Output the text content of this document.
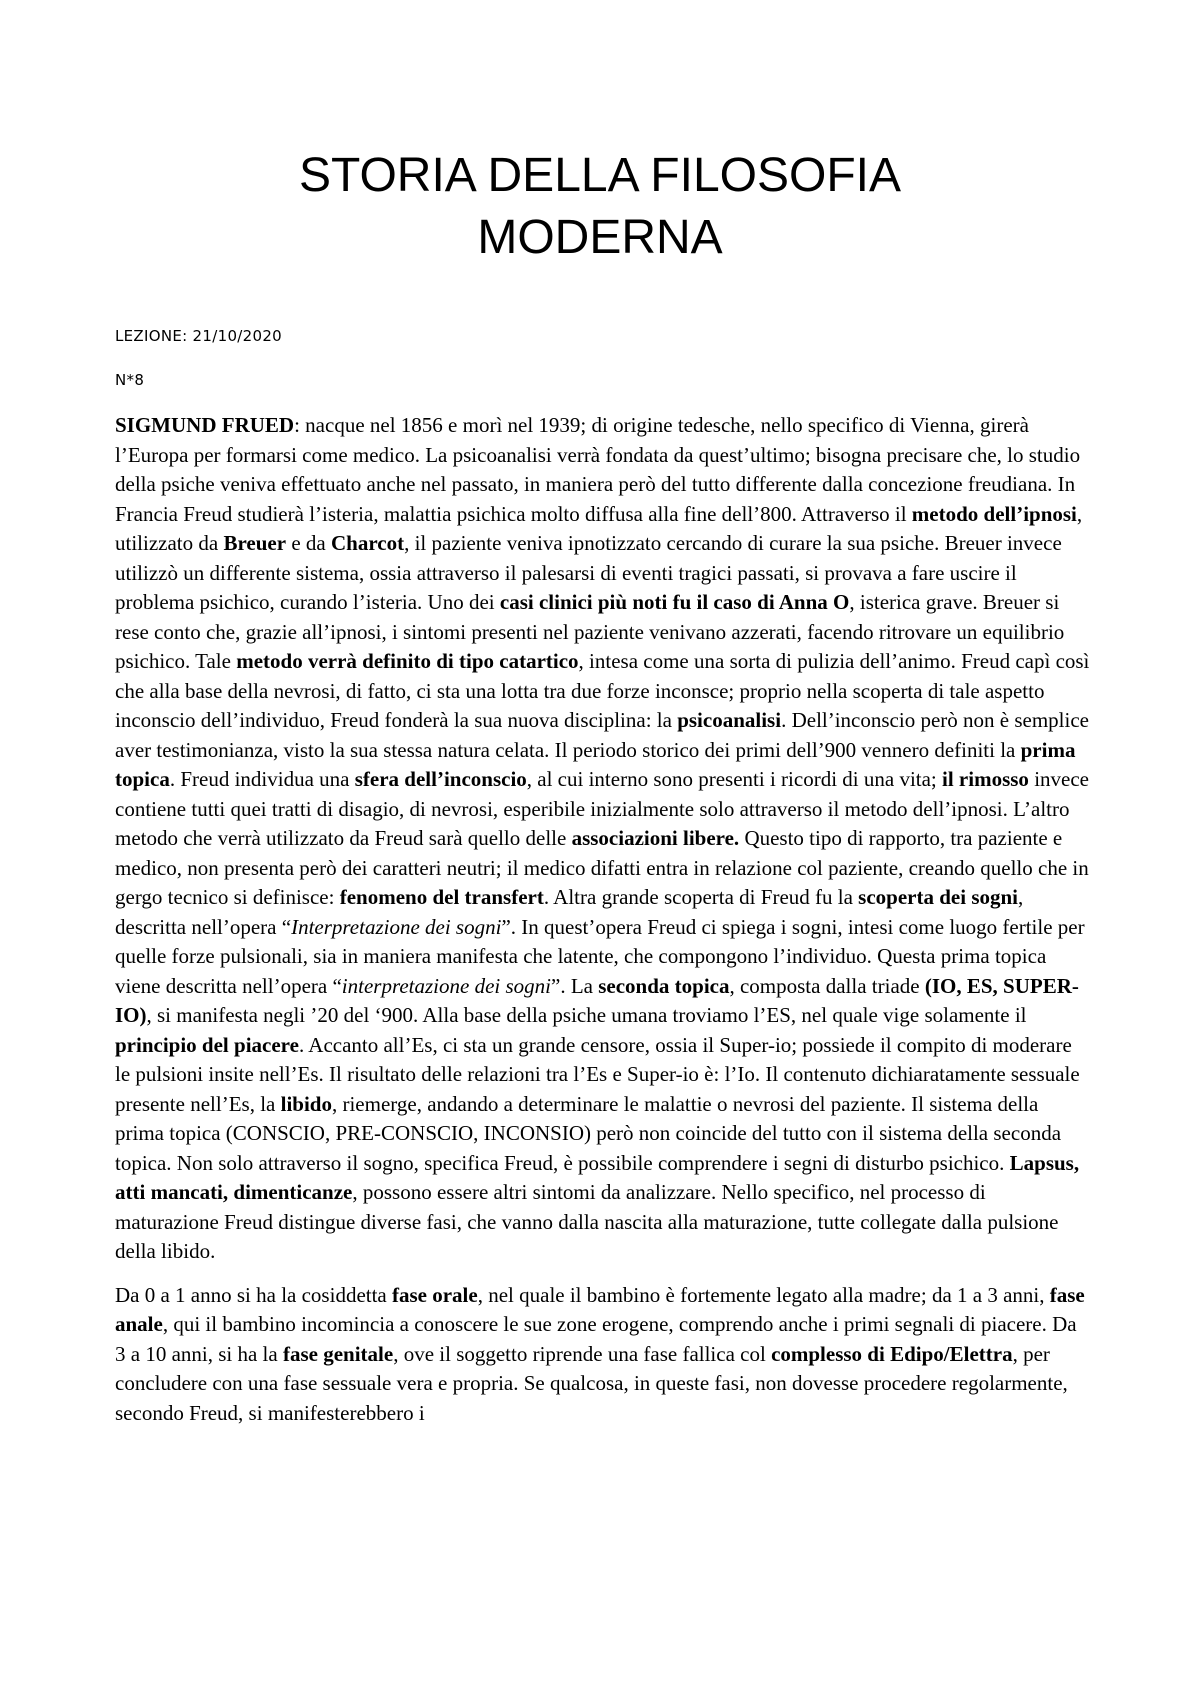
STORIA DELLA FILOSOFIA
MODERNA
LEZIONE: 21/10/2020
N*8

SIGMUND FRUED: nacque nel 1856 e morì nel 1939; di origine tedesche, nello specifico di Vienna, girerà l’Europa per formarsi come medico. La psicoanalisi verrà fondata da quest’ultimo; bisogna precisare che, lo studio della psiche veniva effettuato anche nel passato, in maniera però del tutto differente dalla concezione freudiana. In Francia Freud studierà l’isteria, malattia psichica molto diffusa alla fine dell’800. Attraverso il metodo dell’ipnosi, utilizzato da Breuer e da Charcot, il paziente veniva ipnotizzato cercando di curare la sua psiche. Breuer invece utilizzò un differente sistema, ossia attraverso il palesarsi di eventi tragici passati, si provava a fare uscire il problema psichico, curando l’isteria. Uno dei casi clinici più noti fu il caso di Anna O, isterica grave. Breuer si rese conto che, grazie all’ipnosi, i sintomi presenti nel paziente venivano azzerati, facendo ritrovare un equilibrio psichico. Tale metodo verrà definito di tipo catartico, intesa come una sorta di pulizia dell’animo. Freud capì così che alla base della nevrosi, di fatto, ci sta una lotta tra due forze inconsce; proprio nella scoperta di tale aspetto inconscio dell’individuo, Freud fonderà la sua nuova disciplina: la psicoanalisi. Dell’inconscio però non è semplice aver testimonianza, visto la sua stessa natura celata. Il periodo storico dei primi dell’900 vennero definiti la prima topica. Freud individua una sfera dell’inconscio, al cui interno sono presenti i ricordi di una vita; il rimosso invece contiene tutti quei tratti di disagio, di nevrosi, esperibile inizialmente solo attraverso il metodo dell’ipnosi. L’altro metodo che verrà utilizzato da Freud sarà quello delle associazioni libere. Questo tipo di rapporto, tra paziente e medico, non presenta però dei caratteri neutri; il medico difatti entra in relazione col paziente, creando quello che in gergo tecnico si definisce: fenomeno del transfert. Altra grande scoperta di Freud fu la scoperta dei sogni, descritta nell’opera “Interpretazione dei sogni”. In quest’opera Freud ci spiega i sogni, intesi come luogo fertile per quelle forze pulsionali, sia in maniera manifesta che latente, che compongono l’individuo. Questa prima topica viene descritta nell’opera “interpretazione dei sogni”. La seconda topica, composta dalla triade (IO, ES, SUPER-IO), si manifesta negli ’20 del ‘900. Alla base della psiche umana troviamo l’ES, nel quale vige solamente il principio del piacere. Accanto all’Es, ci sta un grande censore, ossia il Super-io; possiede il compito di moderare le pulsioni insite nell’Es. Il risultato delle relazioni tra l’Es e Super-io è: l’Io. Il contenuto dichiaratamente sessuale presente nell’Es, la libido, riemerge, andando a determinare le malattie o nevrosi del paziente. Il sistema della prima topica (CONSCIO, PRE-CONSCIO, INCONSIO) però non coincide del tutto con il sistema della seconda topica. Non solo attraverso il sogno, specifica Freud, è possibile comprendere i segni di disturbo psichico. Lapsus, atti mancati, dimenticanze, possono essere altri sintomi da analizzare. Nello specifico, nel processo di maturazione Freud distingue diverse fasi, che vanno dalla nascita alla maturazione, tutte collegate dalla pulsione della libido.

Da 0 a 1 anno si ha la cosiddetta fase orale, nel quale il bambino è fortemente legato alla madre; da 1 a 3 anni, fase anale, qui il bambino incomincia a conoscere le sue zone erogene, comprendo anche i primi segnali di piacere. Da 3 a 10 anni, si ha la fase genitale, ove il soggetto riprende una fase fallica col complesso di Edipo/Elettra, per concludere con una fase sessuale vera e propria. Se qualcosa, in queste fasi, non dovesse procedere regolarmente, secondo Freud, si manifesterebbero i
